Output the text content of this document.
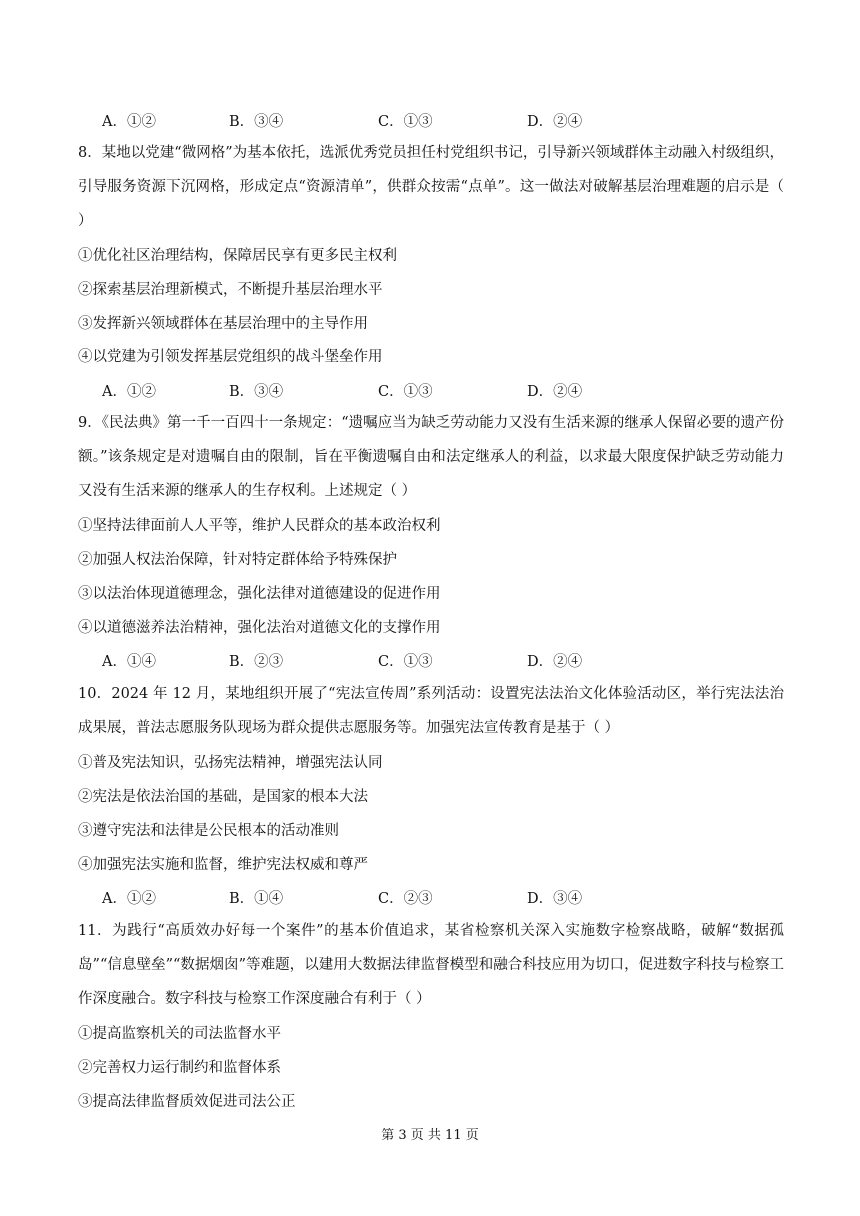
A．①②	B．③④	C．①③	D．②④

8．某地以党建“微网格”为基本依托，选派优秀党员担任村党组织书记，引导新兴领域群体主动融入村级组织，引导服务资源下沉网格，形成定点“资源清单”，供群众按需“点单”。这一做法对破解基层治理难题的启示是（ ）

①优化社区治理结构，保障居民享有更多民主权利
②探索基层治理新模式，不断提升基层治理水平
③发挥新兴领域群体在基层治理中的主导作用
④以党建为引领发挥基层党组织的战斗堡垒作用
A．①②	B．③④	C．①③	D．②④

9．《民法典》第一千一百四十一条规定：“遗嘱应当为缺乏劳动能力又没有生活来源的继承人保留必要的遗产份额。”该条规定是对遗嘱自由的限制，旨在平衡遗嘱自由和法定继承人的利益，以求最大限度保护缺乏劳动能力又没有生活来源的继承人的生存权利。上述规定（ ）

①坚持法律面前人人平等，维护人民群众的基本政治权利
②加强人权法治保障，针对特定群体给予特殊保护
③以法治体现道德理念，强化法律对道德建设的促进作用
④以道德滋养法治精神，强化法治对道德文化的支撑作用
A．①④	B．②③	C．①③	D．②④

10．2024 年 12 月，某地组织开展了“宪法宣传周”系列活动：设置宪法法治文化体验活动区，举行宪法法治成果展，普法志愿服务队现场为群众提供志愿服务等。加强宪法宣传教育是基于（ ）

①普及宪法知识，弘扬宪法精神，增强宪法认同
②宪法是依法治国的基础，是国家的根本大法
③遵守宪法和法律是公民根本的活动准则
④加强宪法实施和监督，维护宪法权威和尊严
A．①②	B．①④	C．②③	D．③④

11．为践行“高质效办好每一个案件”的基本价值追求，某省检察机关深入实施数字检察战略，破解“数据孤岛”“信息壁垒”“数据烟囱”等难题，以建用大数据法律监督模型和融合科技应用为切口，促进数字科技与检察工作深度融合。数字科技与检察工作深度融合有利于（ ）

①提高监察机关的司法监督水平
②完善权力运行制约和监督体系
③提高法律监督质效促进司法公正
第 3 页 共 11 页
